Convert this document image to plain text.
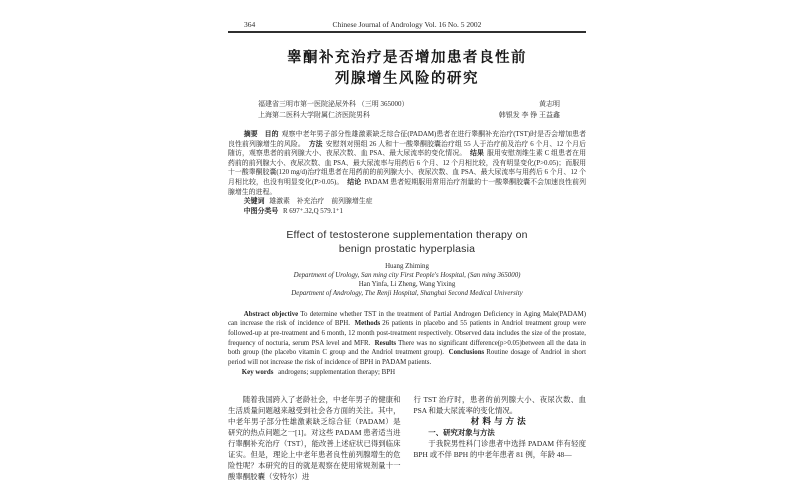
364	Chinese Journal of Andrology Vol. 16 No. 5 2002
睾酮补充治疗是否增加患者良性前
列腺增生风险的研究
福建省三明市第一医院泌尿外科 （三明 365000）	黄志明
上海第二医科大学附属仁济医院男科	韩银发 李 铮 王益鑫

摘要 目的 观察中老年男子部分性雄激素缺乏综合征(PADAM)患者在进行睾酮补充治疗(TST)时是否会增加患者良性前列腺增生的风险。 方法 安慰剂对照组 26 人和十一酸睾酮胶囊治疗组 55 人于治疗前及治疗 6 个月、12 个月后随访，观察患者的前列腺大小、夜尿次数、血 PSA、最大尿流率的变化情况。 结果 服用安慰剂维生素 C 组患者在用药前的前列腺大小、夜尿次数、血 PSA、最大尿流率与用药后 6 个月、12 个月相比较，没有明显变化(P>0.05)；而服用十一酸睾酮胶囊(120 mg/d)治疗组患者在用药前的前列腺大小、夜尿次数、血 PSA、最大尿流率与用药后 6 个月、12 个月相比较，也没有明显变化(P>0.05)。 结论 PADAM 患者短期服用常用治疗剂量的十一酸睾酮胶囊不会加速良性前列腺增生的进程。

关键词 雄激素　补充治疗　前列腺增生症

中图分类号 R 697⁺.32,Q 579.1⁺1

Effect of testosterone supplementation therapy on
benign prostatic hyperplasia
Huang Zhiming
Department of Urology, San ming city First People's Hospital, (San ming 365000)
Han Yinfa, Li Zheng, Wang Yixing
Department of Andrology, The Renji Hospital, Shanghai Second Medical University

Abstract objective To determine whether TST in the treatment of Partial Androgen Deficiency in Aging Male(PADAM) can increase the risk of incidence of BPH. Methods 26 patients in placebo and 55 patients in Andriol treatment group were followed-up at pre-treatment and 6 month, 12 month post-treatment respectively. Observed data includes the size of the prostate, frequency of nocturia, serum PSA level and MFR. Results There was no significant difference(p>0.05)between all the data in both group (the placebo vitamin C group and the Andriol treatment group). Conclusions Routine dosage of Andriol in short period will not increase the risk of incidence of BPH in PADAM patients.

Key words androgens; supplementation therapy; BPH

随着我国跨入了老龄社会，中老年男子的健康和生活质量问题越来越受到社会各方面的关注。其中，中老年男子部分性雄激素缺乏综合征（PADAM）是研究的热点问题之一[1]。对这些 PADAM 患者适当进行睾酮补充治疗（TST），能改善上述症状已得到临床证实。但是，理论上中老年患者良性前列腺增生的危险性呢？本研究的目的就是观察在使用常规剂量十一酸睾酮胶囊（安特尔）进

行 TST 治疗时，患者的前列腺大小、夜尿次数、血 PSA 和最大尿流率的变化情况。

材料与方法

一、研究对象与方法

于我院男性科门诊患者中选择 PADAM 伴有轻度 BPH 或不伴 BPH 的中老年患者 81 例，年龄 48—
